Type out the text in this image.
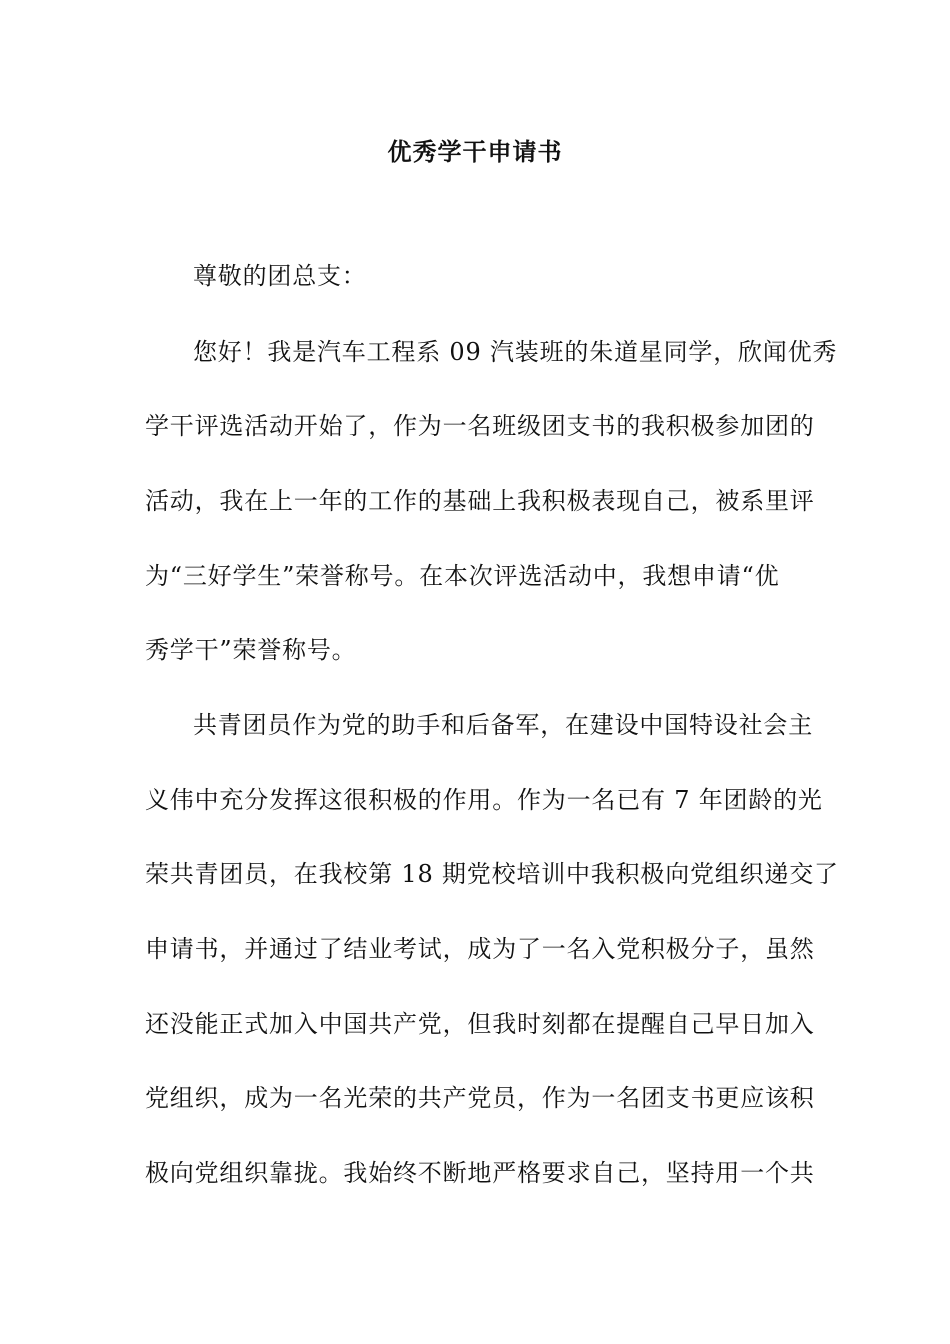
优秀学干申请书
尊敬的团总支：
您好！我是汽车工程系 09 汽装班的朱道星同学，欣闻优秀
学干评选活动开始了，作为一名班级团支书的我积极参加团的
活动，我在上一年的工作的基础上我积极表现自己，被系里评
为“三好学生”荣誉称号。在本次评选活动中，我想申请“优
秀学干”荣誉称号。
共青团员作为党的助手和后备军，在建设中国特设社会主
义伟中充分发挥这很积极的作用。作为一名已有 7 年团龄的光
荣共青团员，在我校第 18 期党校培训中我积极向党组织递交了
申请书，并通过了结业考试，成为了一名入党积极分子，虽然
还没能正式加入中国共产党，但我时刻都在提醒自己早日加入
党组织，成为一名光荣的共产党员，作为一名团支书更应该积
极向党组织靠拢。我始终不断地严格要求自己，坚持用一个共
